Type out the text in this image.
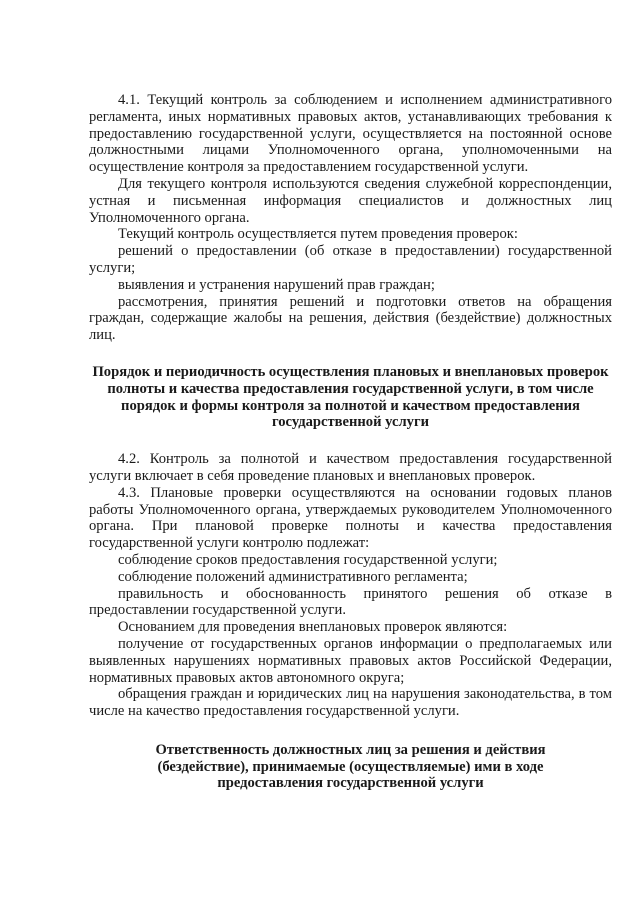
4.1. Текущий контроль за соблюдением и исполнением административного регламента, иных нормативных правовых актов, устанавливающих требования к предоставлению государственной услуги, осуществляется на постоянной основе должностными лицами Уполномоченного органа, уполномоченными на осуществление контроля за предоставлением государственной услуги.

Для текущего контроля используются сведения служебной корреспонденции, устная и письменная информация специалистов и должностных лиц Уполномоченного органа.

Текущий контроль осуществляется путем проведения проверок:

решений о предоставлении (об отказе в предоставлении) государственной услуги;

выявления и устранения нарушений прав граждан;

рассмотрения, принятия решений и подготовки ответов на обращения граждан, содержащие жалобы на решения, действия (бездействие) должностных лиц.

Порядок и периодичность осуществления плановых и внеплановых проверок полноты и качества предоставления государственной услуги, в том числе порядок и формы контроля за полнотой и качеством предоставления государственной услуги

4.2. Контроль за полнотой и качеством предоставления государственной услуги включает в себя проведение плановых и внеплановых проверок.

4.3. Плановые проверки осуществляются на основании годовых планов работы Уполномоченного органа, утверждаемых руководителем Уполномоченного органа. При плановой проверке полноты и качества предоставления государственной услуги контролю подлежат:

соблюдение сроков предоставления государственной услуги;

соблюдение положений административного регламента;

правильность и обоснованность принятого решения об отказе в предоставлении государственной услуги.

Основанием для проведения внеплановых проверок являются:

получение от государственных органов информации о предполагаемых или выявленных нарушениях нормативных правовых актов Российской Федерации, нормативных правовых актов автономного округа;

обращения граждан и юридических лиц на нарушения законодательства, в том числе на качество предоставления государственной услуги.

Ответственность должностных лиц за решения и действия (бездействие), принимаемые (осуществляемые) ими в ходе предоставления государственной услуги
